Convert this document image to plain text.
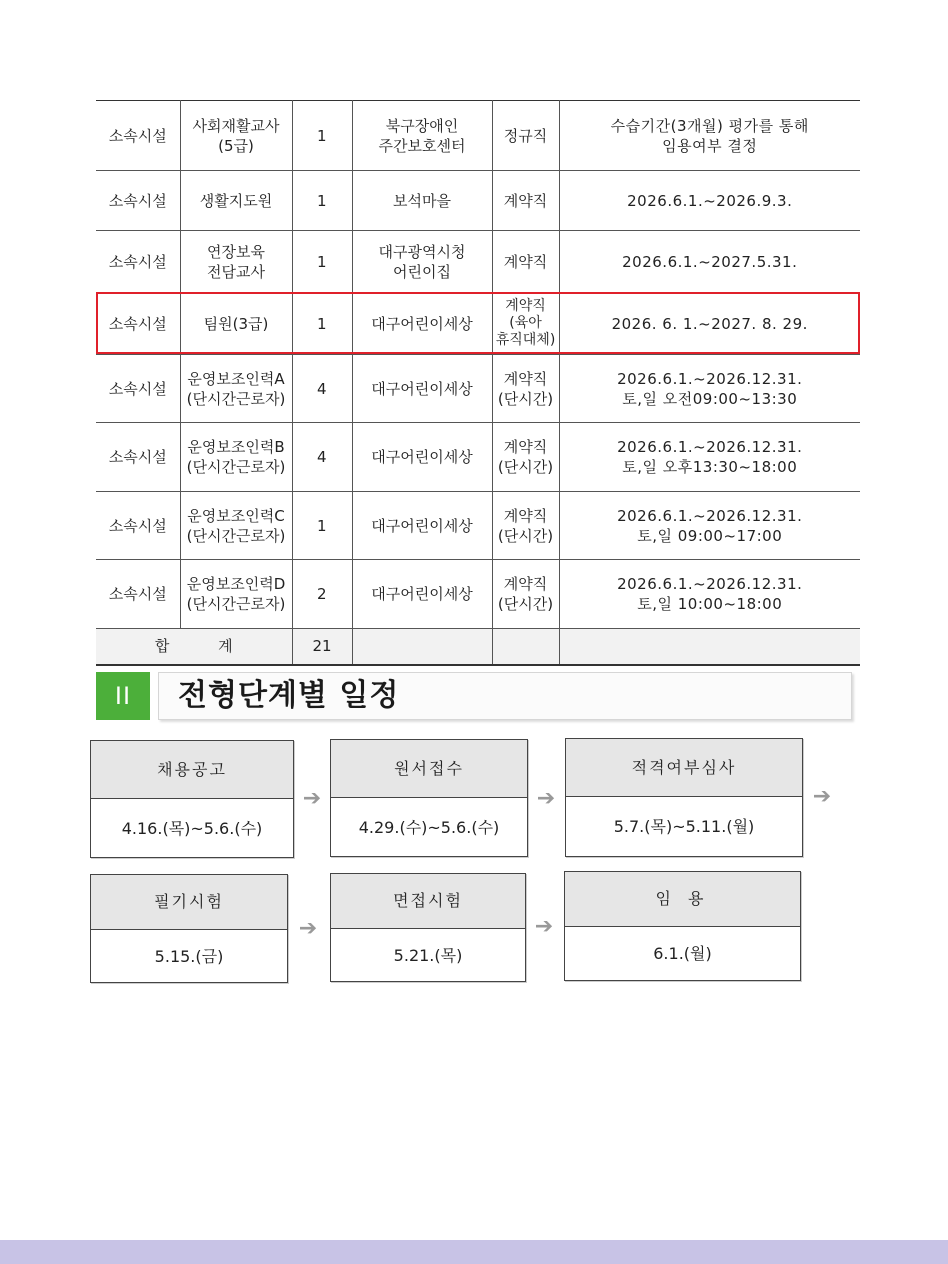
소속시설	사회재활교사
(5급)	1	북구장애인
주간보호센터	정규직	수습기간(3개월) 평가를 통해
임용여부 결정

소속시설	생활지도원	1	보석마을	계약직	2026.6.1.~2026.9.3.

소속시설	연장보육
전담교사	1	대구광역시청
어린이집	계약직	2026.6.1.~2027.5.31.

소속시설	팀원(3급)	1	대구어린이세상	계약직
(육아
휴직대체)	2026. 6. 1.~2027. 8. 29.

소속시설	운영보조인력A
(단시간근로자)	4	대구어린이세상	계약직
(단시간)	2026.6.1.~2026.12.31.
토,일 오전09:00~13:30

소속시설	운영보조인력B
(단시간근로자)	4	대구어린이세상	계약직
(단시간)	2026.6.1.~2026.12.31.
토,일 오후13:30~18:00

소속시설	운영보조인력C
(단시간근로자)	1	대구어린이세상	계약직
(단시간)	2026.6.1.~2026.12.31.
토,일 09:00~17:00

소속시설	운영보조인력D
(단시간근로자)	2	대구어린이세상	계약직
(단시간)	2026.6.1.~2026.12.31.
토,일 10:00~18:00

합 계		21			
II	전형단계별 일정
채용공고
4.16.(목)~5.6.(수)
➔
원서접수
4.29.(수)~5.6.(수)
➔
적격여부심사
5.7.(목)~5.11.(월)
➔
필기시험
5.15.(금)
➔
면접시험
5.21.(목)
➔
임 용
6.1.(월)
